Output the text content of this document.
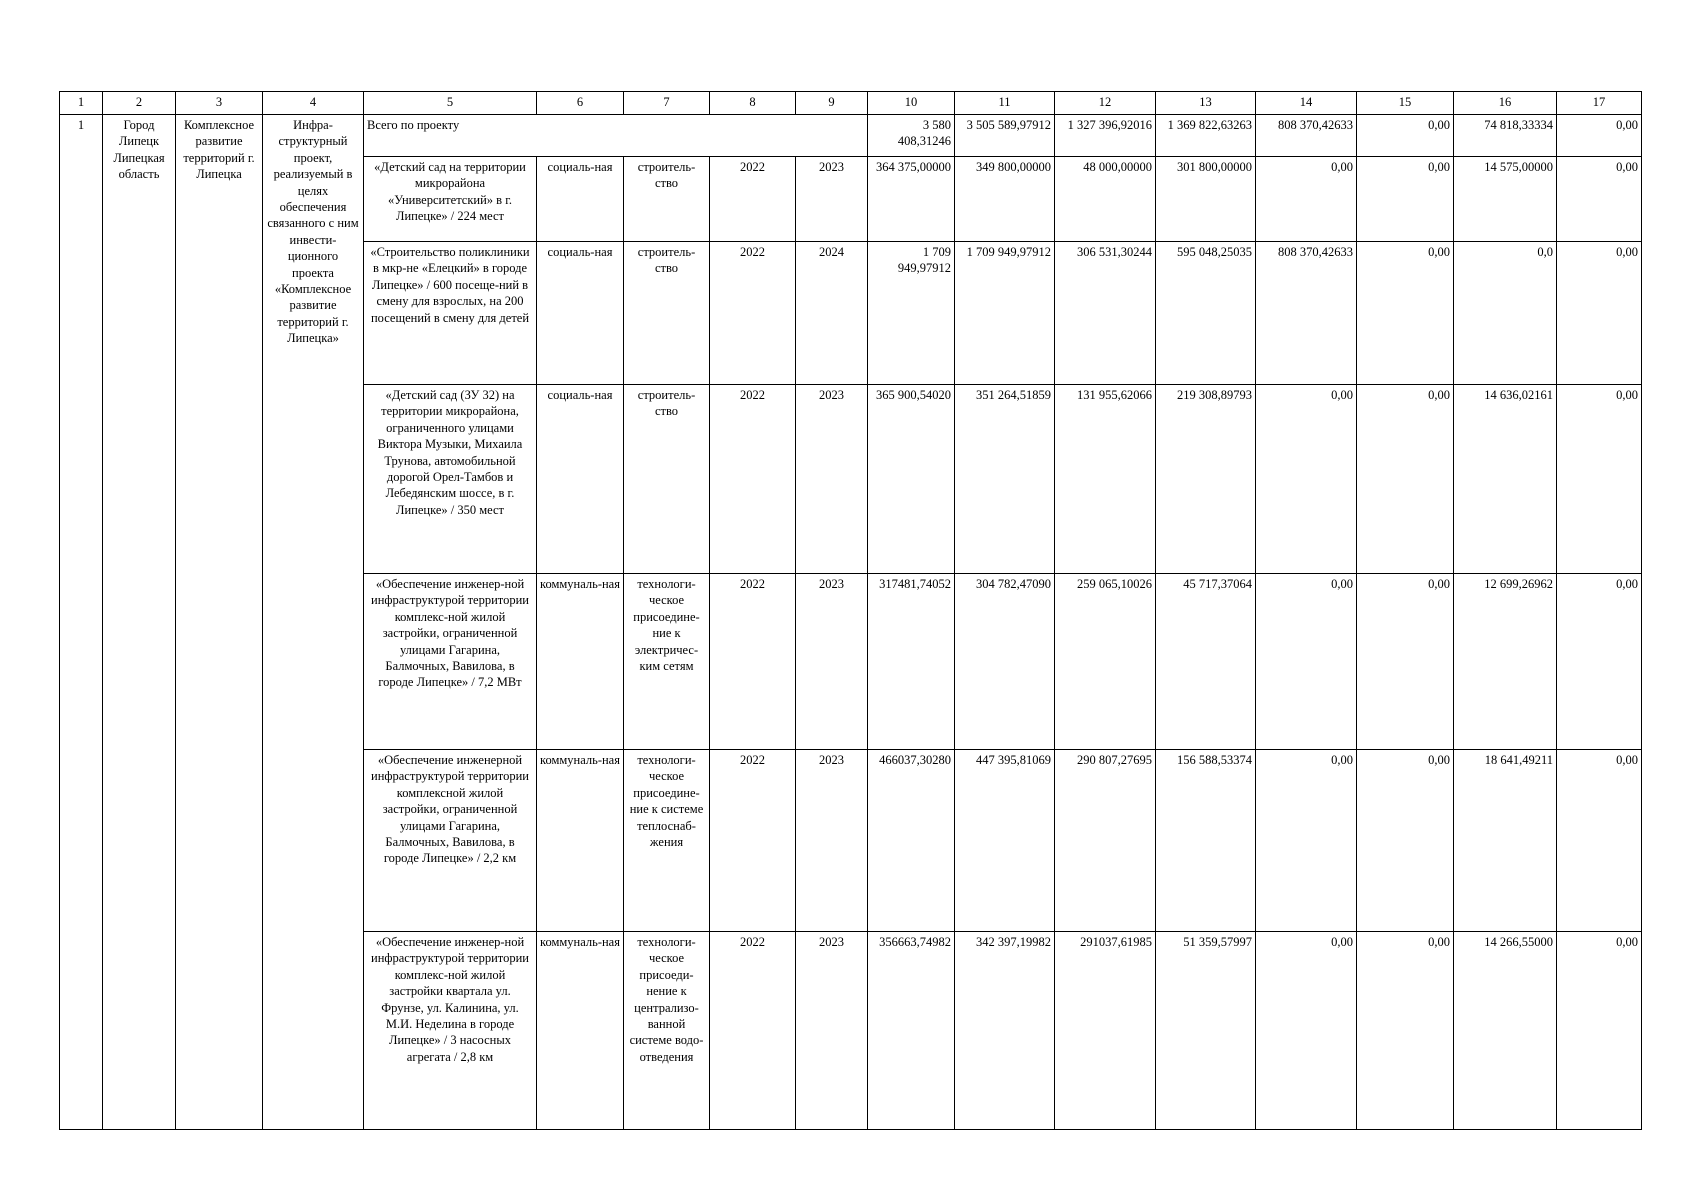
1	2	3	4	5	6	7	8	9	10	11	12	13	14	15	16	17
1	Город Липецк Липецкая область	Комплексное развитие территорий г. Липецка	Инфра-структурный проект, реализуемый в целях обеспечения связанного с ним инвести-ционного проекта «Комплексное развитие территорий г. Липецка»	Всего по проекту					3 580 408,31246	3 505 589,97912	1 327 396,92016	1 369 822,63263	808 370,42633	0,00	74 818,33334	0,00
				«Детский сад на территории микрорайона «Университетский» в г. Липецке» / 224 мест	социаль-ная	строитель-ство	2022	2023	364 375,00000	349 800,00000	48 000,00000	301 800,00000	0,00	0,00	14 575,00000	0,00
				«Строительство поликлиники в мкр-не «Елецкий» в городе Липецке» / 600 посеще-ний в смену для взрослых, на 200 посещений в смену для детей	социаль-ная	строитель-ство	2022	2024	1 709 949,97912	1 709 949,97912	306 531,30244	595 048,25035	808 370,42633	0,00	0,0	0,00
				«Детский сад (ЗУ 32) на территории микрорайона, ограниченного улицами Виктора Музыки, Михаила Трунова, автомобильной дорогой Орел-Тамбов и Лебедянским шоссе, в г. Липецке» / 350 мест	социаль-ная	строитель-ство	2022	2023	365 900,54020	351 264,51859	131 955,62066	219 308,89793	0,00	0,00	14 636,02161	0,00
				«Обеспечение инженер-ной инфраструктурой территории комплекс-ной жилой застройки, ограниченной улицами Гагарина, Балмочных, Вавилова, в городе Липецке» / 7,2 МВт	коммуналь-ная	технологи-ческое присоедине-ние к электричес-ким сетям	2022	2023	317481,74052	304 782,47090	259 065,10026	45 717,37064	0,00	0,00	12 699,26962	0,00
				«Обеспечение инженерной инфраструктурой территории комплексной жилой застройки, ограниченной улицами Гагарина, Балмочных, Вавилова, в городе Липецке» / 2,2 км	коммуналь-ная	технологи-ческое присоедине-ние к системе теплоснаб-жения	2022	2023	466037,30280	447 395,81069	290 807,27695	156 588,53374	0,00	0,00	18 641,49211	0,00
				«Обеспечение инженер-ной инфраструктурой территории комплекс-ной жилой застройки квартала ул. Фрунзе, ул. Калинина, ул. М.И. Неделина в городе Липецке» / 3 насосных агрегата / 2,8 км	коммуналь-ная	технологи-ческое присоеди-нение к централизо-ванной системе водо-отведения	2022	2023	356663,74982	342 397,19982	291037,61985	51 359,57997	0,00	0,00	14 266,55000	0,00
